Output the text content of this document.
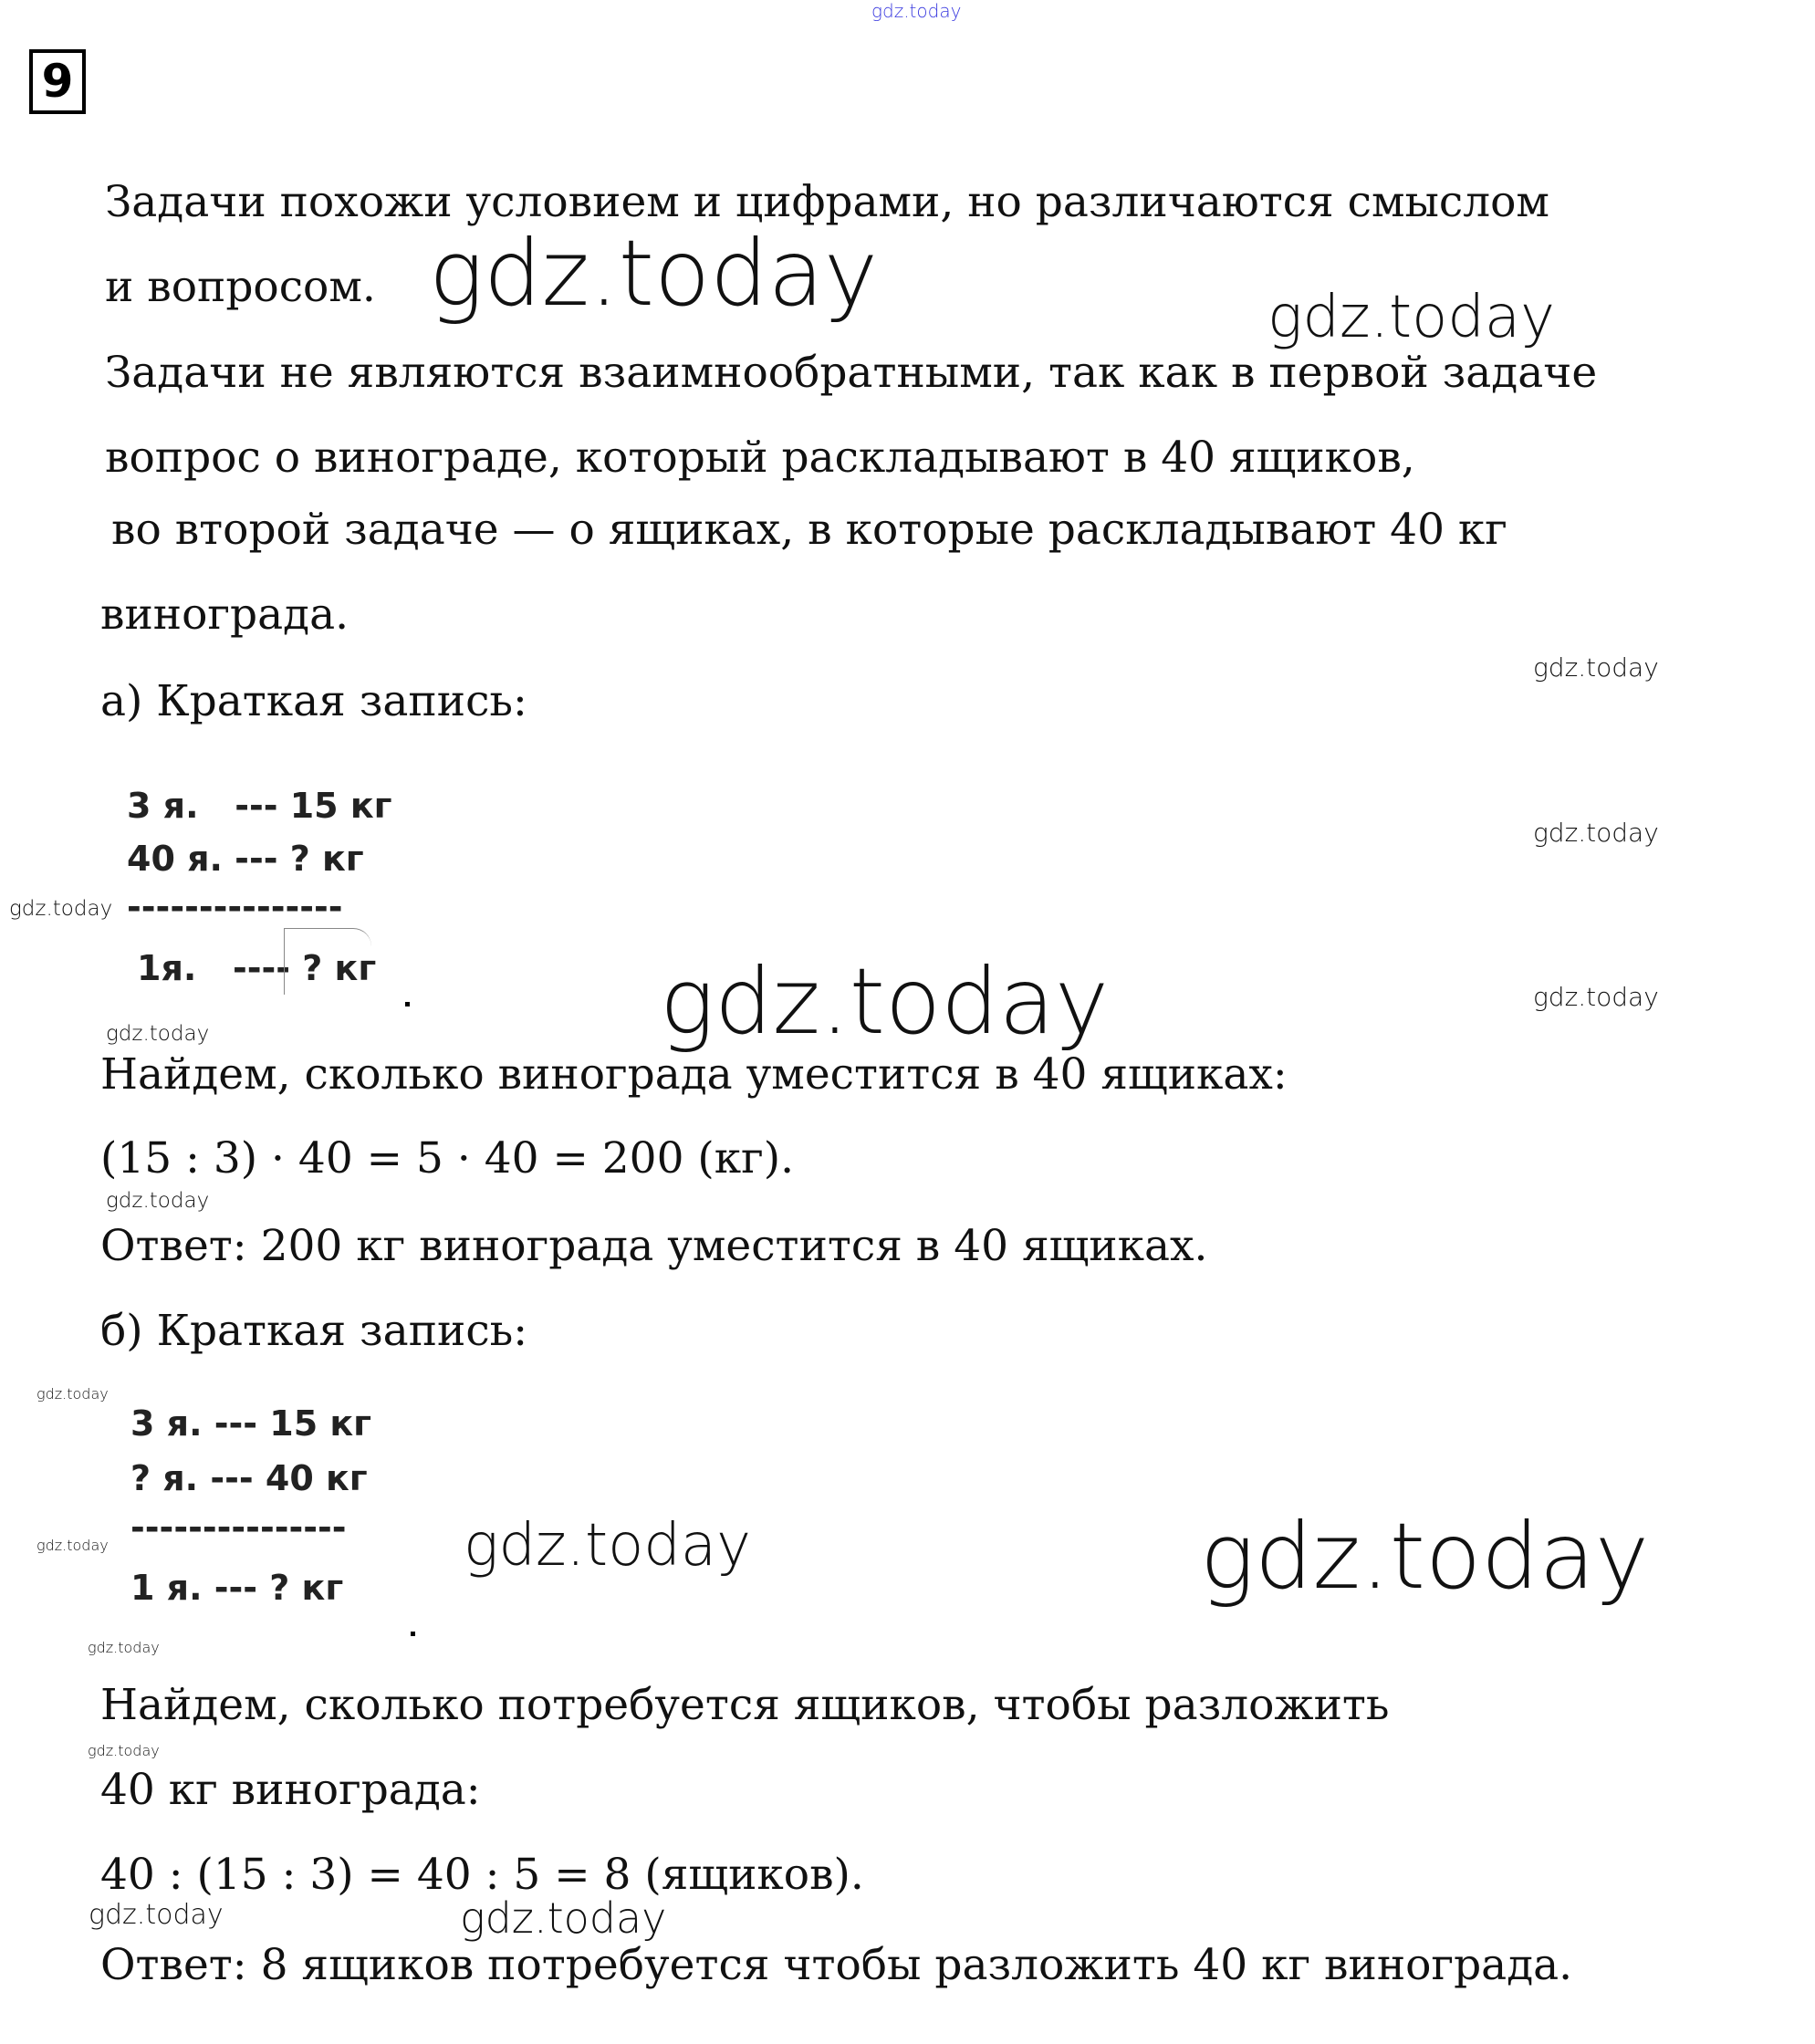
gdz.today
9
Задачи похожи условием и цифрами, но различаются смыслом
и вопросом.
Задачи не являются взаимнообратными, так как в первой задаче
вопрос о винограде, который раскладывают в 40 ящиков,
во второй задаче — о ящиках, в которые раскладывают 40 кг
винограда.
gdz.today	gdz.today
gdz.today
а) Краткая запись:
3 я.   --- 15 кг
40 я. --- ? кг
---------------
1я.   ---- ? кг
gdz.today
gdz.today
gdz.today
gdz.today	gdz.today
Найдем, сколько винограда уместится в 40 ящиках:
(15 : 3) · 40 = 5 · 40 = 200 (кг).
gdz.today
Ответ: 200 кг винограда уместится в 40 ящиках.
б) Краткая запись:
3 я. --- 15 кг
? я. --- 40 кг
---------------
1 я. --- ? кг
gdz.today
gdz.today
gdz.today
gdz.today
gdz.today	gdz.today
Найдем, сколько потребуется ящиков, чтобы разложить
40 кг винограда:
40 : (15 : 3) = 40 : 5 = 8 (ящиков).
gdz.today	gdz.today
Ответ: 8 ящиков потребуется чтобы разложить 40 кг винограда.
